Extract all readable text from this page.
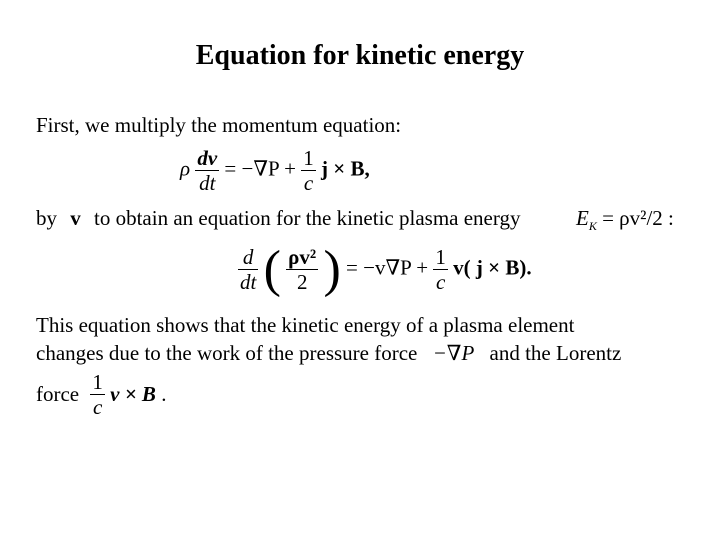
Equation for kinetic energy
First, we multiply the momentum equation:
ρ $\frac{dv}{dt} = -\nabla P + \frac{1}{c}$ j × B,
by v to obtain an equation for the kinetic plasma energy	$E_K = \rho v^2/2$ :
$\frac{d}{dt}$ ( $\frac{\text{ρv²}}{2}$ ) = $-v\nabla P + \frac{1}{c} v$( j × B).
This equation shows that the kinetic energy of a plasma element
changes due to the work of the pressure force −∇P and the Lorentz
force $\frac{1}{c}$ v × B .
